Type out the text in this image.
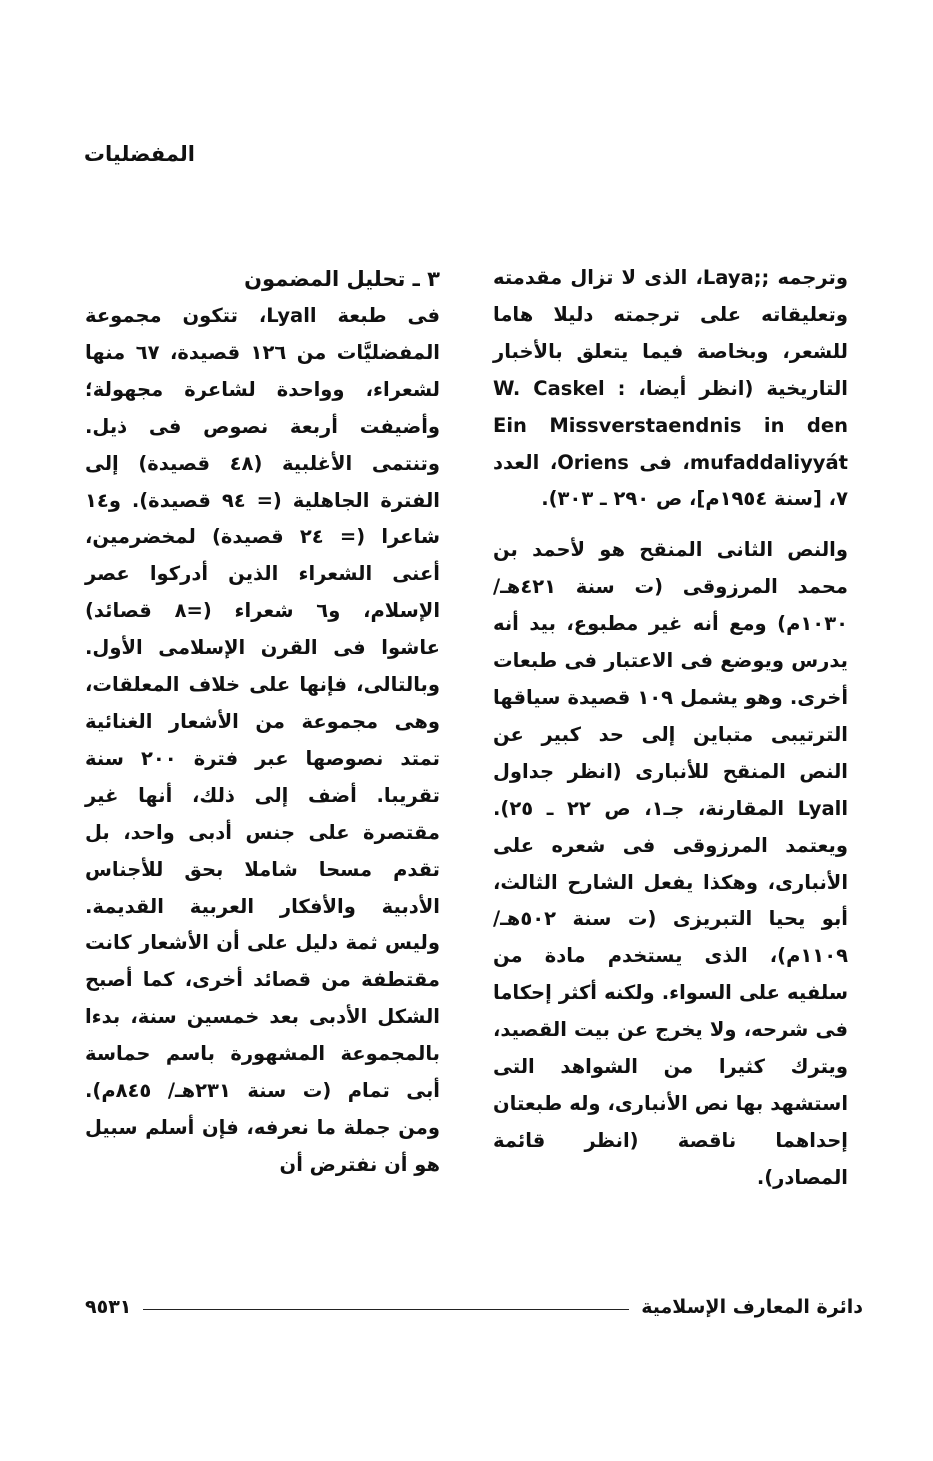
المفضليات

وترجمه ;;Laya، الذى لا تزال مقدمته وتعليقاته على ترجمته دليلا هاما للشعر، وبخاصة فيما يتعلق بالأخبار التاريخية (انظر أيضا، W. Caskel : Ein Missverstaendnis in den mufaddaliyyát، فى Oriens، العدد ٧، [سنة ١٩٥٤م]، ص ٢٩٠ ـ ٣٠٣).

والنص الثانى المنقح هو لأحمد بن محمد المرزوقى (ت سنة ٤٢١هـ/ ١٠٣٠م) ومع أنه غير مطبوع، بيد أنه يدرس ويوضع فى الاعتبار فى طبعات أخرى. وهو يشمل ١٠٩ قصيدة سياقها الترتيبى متباين إلى حد كبير عن النص المنقح للأنبارى (انظر جداول Lyall المقارنة، جـ١، ص ٢٢ ـ ٢٥). ويعتمد المرزوقى فى شعره على الأنبارى، وهكذا يفعل الشارح الثالث، أبو يحيا التبريزى (ت سنة ٥٠٢هـ/ ١١٠٩م)، الذى يستخدم مادة من سلفيه على السواء. ولكنه أكثر إحكاما فى شرحه، ولا يخرج عن بيت القصيد، ويترك كثيرا من الشواهد التى استشهد بها نص الأنبارى، وله طبعتان إحداهما ناقصة (انظر قائمة المصادر).

٣ ـ تحليل المضمون

فى طبعة Lyall، تتكون مجموعة المفضليَّات من ١٢٦ قصيدة، ٦٧ منها لشعراء، وواحدة لشاعرة مجهولة؛ وأضيفت أربعة نصوص فى ذيل. وتنتمى الأغلبية (٤٨ قصيدة) إلى الفترة الجاهلية (= ٩٤ قصيدة). و١٤ شاعرا (= ٢٤ قصيدة) لمخضرمين، أعنى الشعراء الذين أدركوا عصر الإسلام، و٦ شعراء (=٨ قصائد) عاشوا فى القرن الإسلامى الأول. وبالتالى، فإنها على خلاف المعلقات، وهى مجموعة من الأشعار الغنائية تمتد نصوصها عبر فترة ٢٠٠ سنة تقريبا. أضف إلى ذلك، أنها غير مقتصرة على جنس أدبى واحد، بل تقدم مسحا شاملا بحق للأجناس الأدبية والأفكار العربية القديمة. وليس ثمة دليل على أن الأشعار كانت مقتطفة من قصائد أخرى، كما أصبح الشكل الأدبى بعد خمسين سنة، بدءا بالمجموعة المشهورة باسم حماسة أبى تمام (ت سنة ٢٣١هـ/ ٨٤٥م). ومن جملة ما نعرفه، فإن أسلم سبيل هو أن نفترض أن

دائرة المعارف الإسلامية
٩٥٣١
